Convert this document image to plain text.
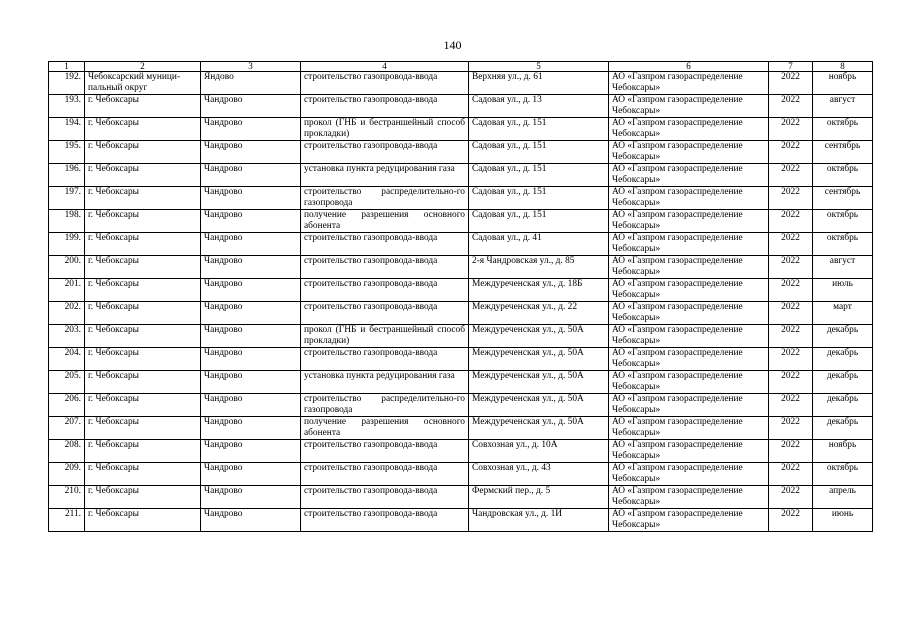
140
1	2	3	4	5	6	7	8
192.	Чебоксарский муници-пальный округ	Яндово	строительство газопровода-ввода	Верхняя ул., д. 61	АО «Газпром газораспределение Чебоксары»	2022	ноябрь
193.	г. Чебоксары	Чандрово	строительство газопровода-ввода	Садовая ул., д. 13	АО «Газпром газораспределение Чебоксары»	2022	август
194.	г. Чебоксары	Чандрово	прокол (ГНБ и бестраншейный способ прокладки)	Садовая ул., д. 151	АО «Газпром газораспределение Чебоксары»	2022	октябрь
195.	г. Чебоксары	Чандрово	строительство газопровода-ввода	Садовая ул., д. 151	АО «Газпром газораспределение Чебоксары»	2022	сентябрь
196.	г. Чебоксары	Чандрово	установка пункта редуцирования газа	Садовая ул., д. 151	АО «Газпром газораспределение Чебоксары»	2022	октябрь
197.	г. Чебоксары	Чандрово	строительство распределительно-го газопровода	Садовая ул., д. 151	АО «Газпром газораспределение Чебоксары»	2022	сентябрь
198.	г. Чебоксары	Чандрово	получение разрешения основного абонента	Садовая ул., д. 151	АО «Газпром газораспределение Чебоксары»	2022	октябрь
199.	г. Чебоксары	Чандрово	строительство газопровода-ввода	Садовая ул., д. 41	АО «Газпром газораспределение Чебоксары»	2022	октябрь
200.	г. Чебоксары	Чандрово	строительство газопровода-ввода	2-я Чандровская ул., д. 85	АО «Газпром газораспределение Чебоксары»	2022	август
201.	г. Чебоксары	Чандрово	строительство газопровода-ввода	Междуреченская ул., д. 18Б	АО «Газпром газораспределение Чебоксары»	2022	июль
202.	г. Чебоксары	Чандрово	строительство газопровода-ввода	Междуреченская ул., д. 22	АО «Газпром газораспределение Чебоксары»	2022	март
203.	г. Чебоксары	Чандрово	прокол (ГНБ и бестраншейный способ прокладки)	Междуреченская ул., д. 50А	АО «Газпром газораспределение Чебоксары»	2022	декабрь
204.	г. Чебоксары	Чандрово	строительство газопровода-ввода	Междуреченская ул., д. 50А	АО «Газпром газораспределение Чебоксары»	2022	декабрь
205.	г. Чебоксары	Чандрово	установка пункта редуцирования газа	Междуреченская ул., д. 50А	АО «Газпром газораспределение Чебоксары»	2022	декабрь
206.	г. Чебоксары	Чандрово	строительство распределительно-го газопровода	Междуреченская ул., д. 50А	АО «Газпром газораспределение Чебоксары»	2022	декабрь
207.	г. Чебоксары	Чандрово	получение разрешения основного абонента	Междуреченская ул., д. 50А	АО «Газпром газораспределение Чебоксары»	2022	декабрь
208.	г. Чебоксары	Чандрово	строительство газопровода-ввода	Совхозная ул., д. 10А	АО «Газпром газораспределение Чебоксары»	2022	ноябрь
209.	г. Чебоксары	Чандрово	строительство газопровода-ввода	Совхозная ул., д. 43	АО «Газпром газораспределение Чебоксары»	2022	октябрь
210.	г. Чебоксары	Чандрово	строительство газопровода-ввода	Фермский пер., д. 5	АО «Газпром газораспределение Чебоксары»	2022	апрель
211.	г. Чебоксары	Чандрово	строительство газопровода-ввода	Чандровская ул., д. 1И	АО «Газпром газораспределение Чебоксары»	2022	июнь
